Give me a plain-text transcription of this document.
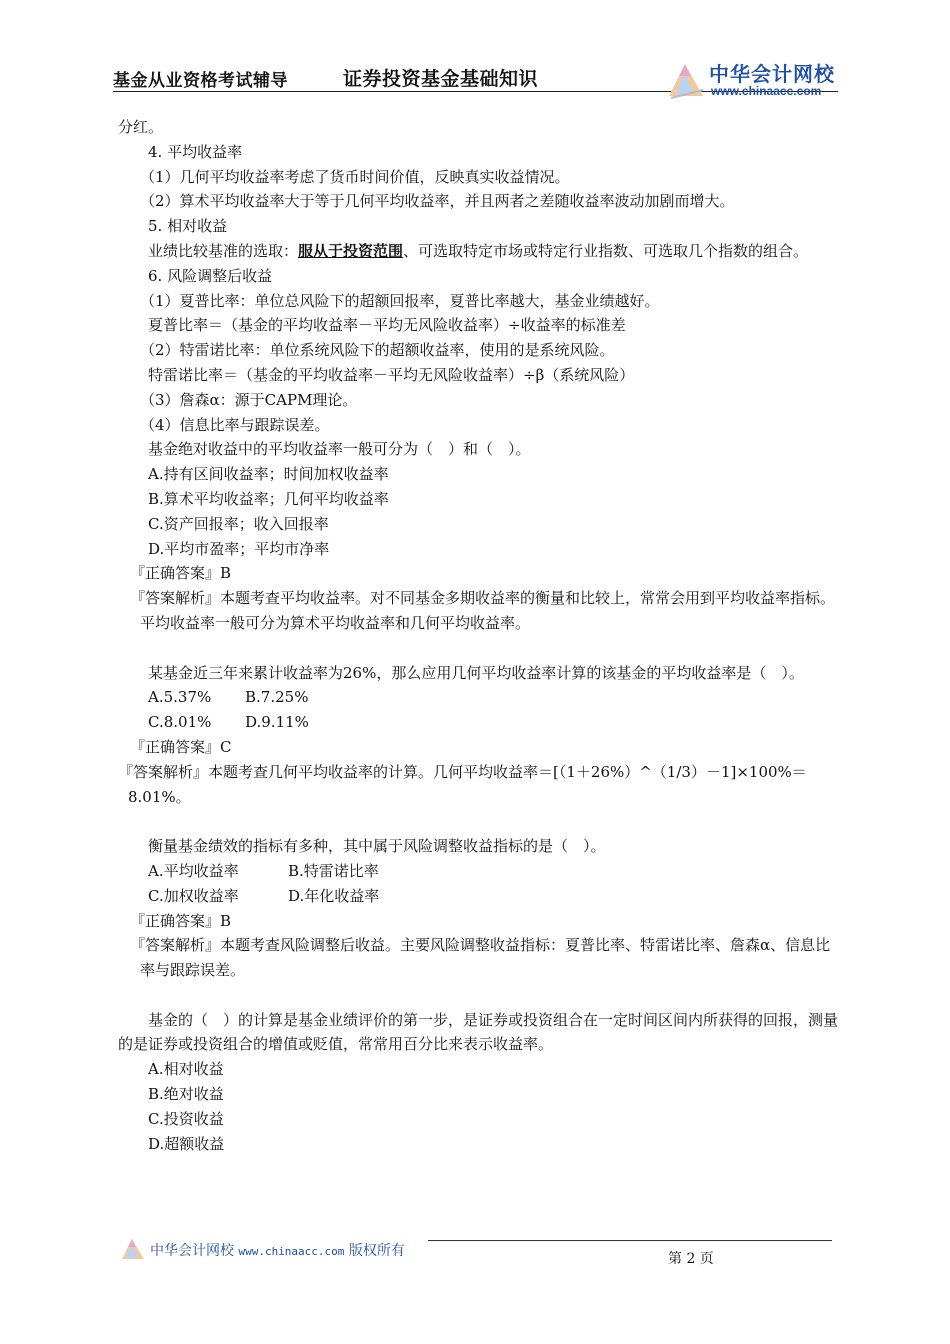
基金从业资格考试辅导	证券投资基金基础知识	中华会计网校
www.chinaacc.com

分红。

4. 平均收益率

（1）几何平均收益率考虑了货币时间价值，反映真实收益情况。

（2）算术平均收益率大于等于几何平均收益率，并且两者之差随收益率波动加剧而增大。

5. 相对收益

业绩比较基准的选取：服从于投资范围、可选取特定市场或特定行业指数、可选取几个指数的组合。

6. 风险调整后收益

（1）夏普比率：单位总风险下的超额回报率，夏普比率越大，基金业绩越好。

夏普比率＝（基金的平均收益率－平均无风险收益率）÷收益率的标准差

（2）特雷诺比率：单位系统风险下的超额收益率，使用的是系统风险。

特雷诺比率＝（基金的平均收益率－平均无风险收益率）÷β（系统风险）

（3）詹森α：源于CAPM理论。

（4）信息比率与跟踪误差。

基金绝对收益中的平均收益率一般可分为（　）和（　）。

A.持有区间收益率；时间加权收益率

B.算术平均收益率；几何平均收益率

C.资产回报率；收入回报率

D.平均市盈率；平均市净率

『正确答案』B

『答案解析』本题考查平均收益率。对不同基金多期收益率的衡量和比较上，常常会用到平均收益率指标。平均收益率一般可分为算术平均收益率和几何平均收益率。

某基金近三年来累计收益率为26%，那么应用几何平均收益率计算的该基金的平均收益率是（　）。

A.5.37% B.7.25%

C.8.01% D.9.11%

『正确答案』C

『答案解析』本题考查几何平均收益率的计算。几何平均收益率＝[（1＋26%）^（1/3）－1]×100%＝8.01%。

衡量基金绩效的指标有多种，其中属于风险调整收益指标的是（　）。

A.平均收益率	B.特雷诺比率

C.加权收益率	D.年化收益率

『正确答案』B

『答案解析』本题考查风险调整后收益。主要风险调整收益指标：夏普比率、特雷诺比率、詹森α、信息比率与跟踪误差。

基金的（　）的计算是基金业绩评价的第一步，是证券或投资组合在一定时间区间内所获得的回报，测量的是证券或投资组合的增值或贬值，常常用百分比来表示收益率。

A.相对收益

B.绝对收益

C.投资收益

D.超额收益

中华会计网校 www.chinaacc.com 版权所有	第 2 页
